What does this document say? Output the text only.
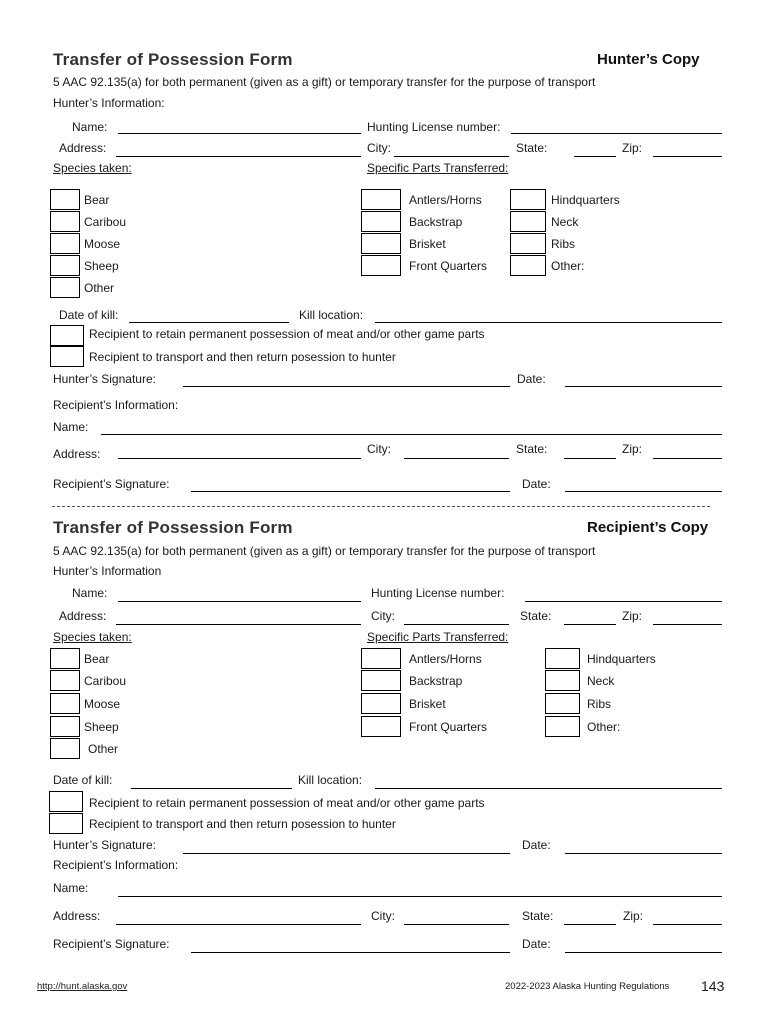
Transfer of Possession Form	Hunter’s Copy
5 AAC 92.135(a) for both permanent (given as a gift) or temporary transfer for the purpose of transport
Hunter’s Information:
Name:	Hunting License number:
Address:	City:	State:	Zip:
Species taken:	Specific Parts Transferred:
Bear
Caribou
Moose
Sheep
Other
Antlers/Horns
Backstrap
Brisket
Front Quarters
Hindquarters
Neck
Ribs
Other:
Date of kill:	Kill location:
Recipient to retain permanent possession of meat and/or other game parts
Recipient to transport and then return posession to hunter
Hunter’s Signature:	Date:
Recipient’s Information:
Name:
Address:	City:	State:	Zip:
Recipient’s Signature:	Date:
Transfer of Possession Form	Recipient’s Copy
5 AAC 92.135(a) for both permanent (given as a gift) or temporary transfer for the purpose of transport
Hunter’s Information
Name:	Hunting License number:
Address:	City:	State:	Zip:
Species taken:	Specific Parts Transferred:
Bear
Caribou
Moose
Sheep
Other
Antlers/Horns
Backstrap
Brisket
Front Quarters
Hindquarters
Neck
Ribs
Other:
Date of kill:	Kill location:
Recipient to retain permanent possession of meat and/or other game parts
Recipient to transport and then return posession to hunter
Hunter’s Signature:	Date:
Recipient’s Information:
Name:
Address:	City:	State:	Zip:
Recipient’s Signature:	Date:
http://hunt.alaska.gov	2022-2023 Alaska Hunting Regulations 143
